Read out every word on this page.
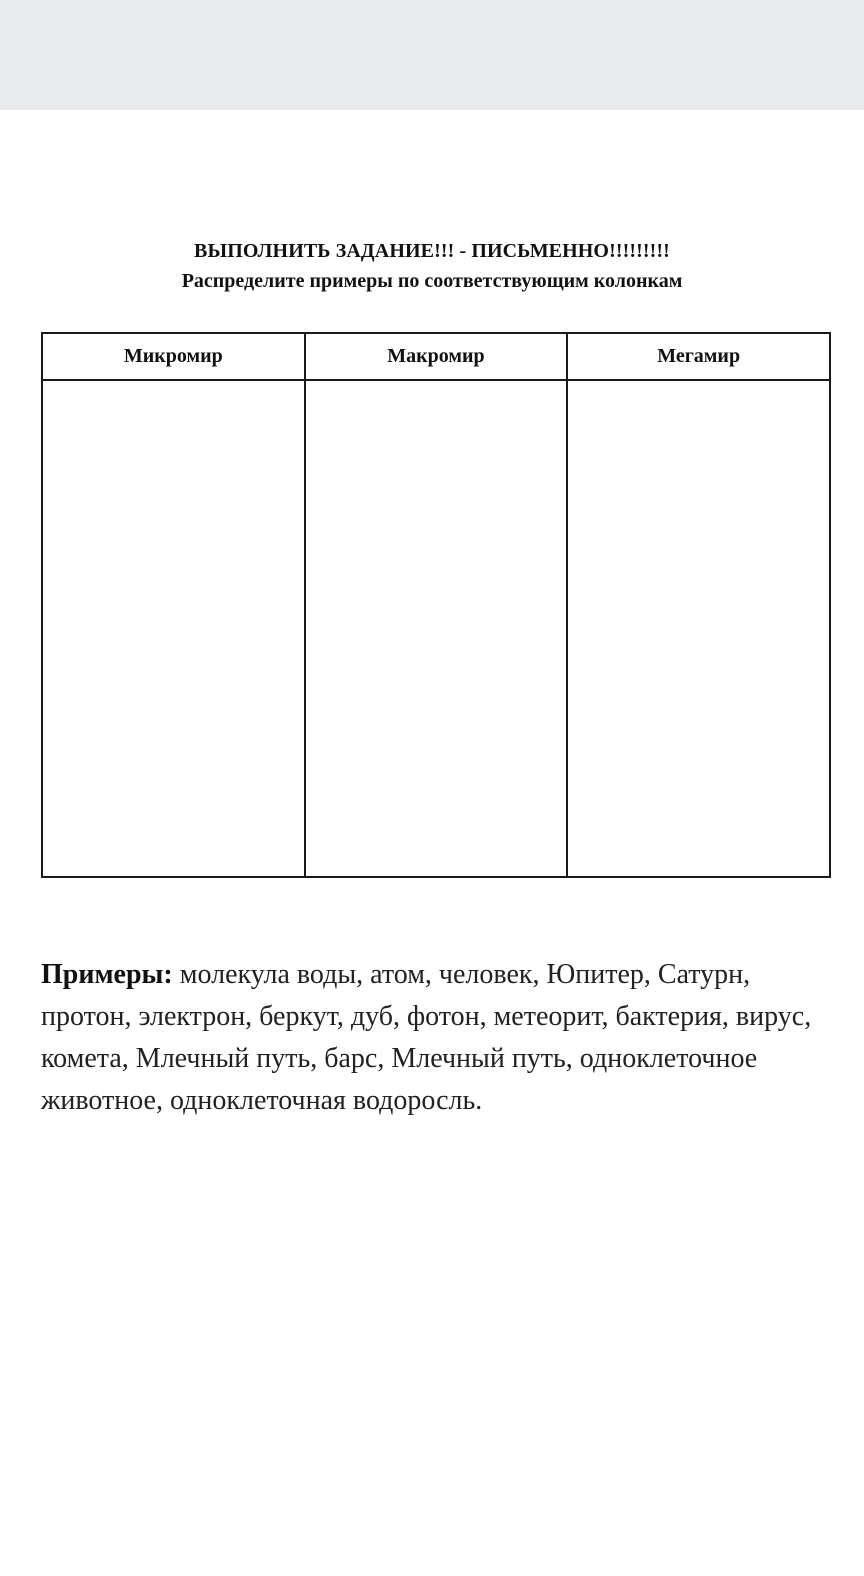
ВЫПОЛНИТЬ ЗАДАНИЕ!!! - ПИСЬМЕННО!!!!!!!!!
Распределите примеры по соответствующим колонкам
Микромир	Макромир	Мегамир

Примеры: молекула воды, атом, человек, Юпитер, Сатурн, протон, электрон, беркут, дуб, фотон, метеорит, бактерия, вирус, комета, Млечный путь, барс, Млечный путь, одноклеточное животное, одноклеточная водоросль.
